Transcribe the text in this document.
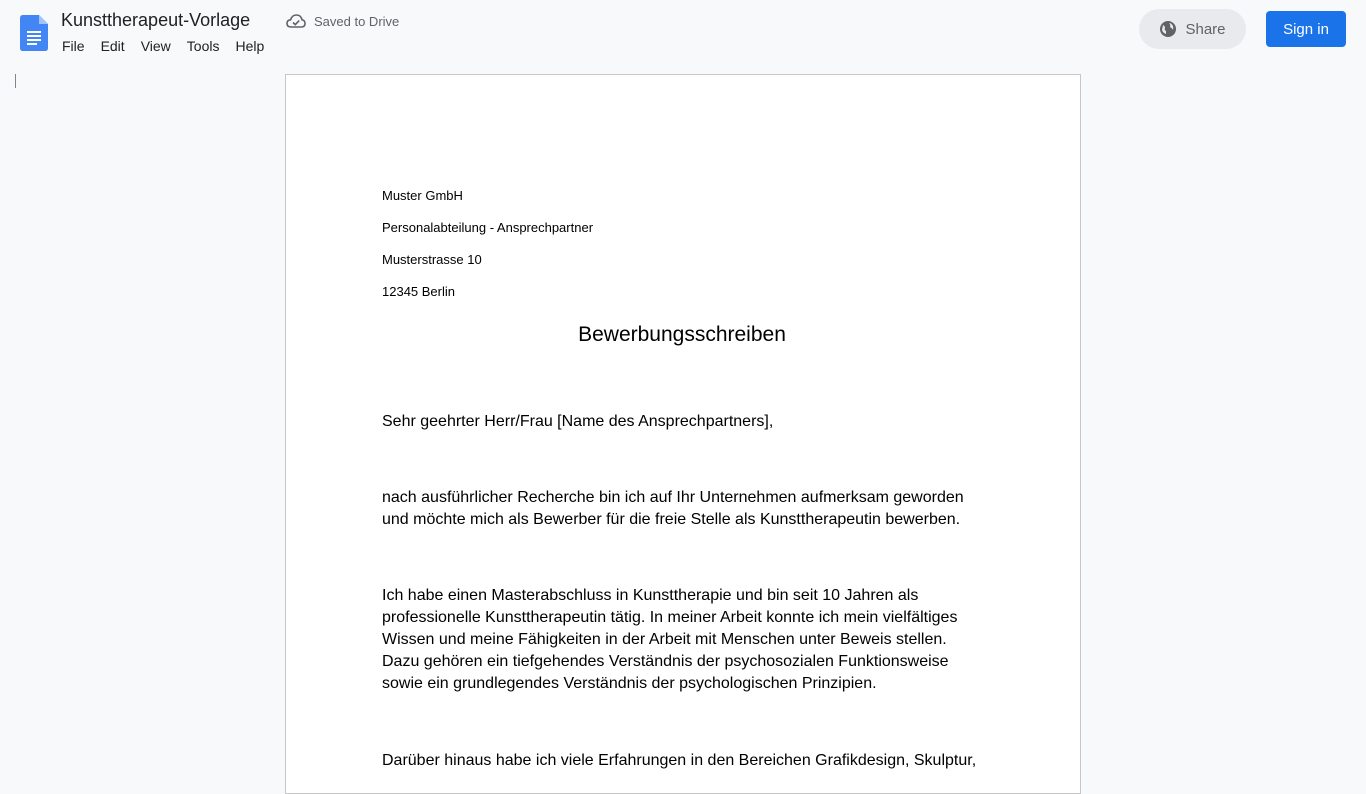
Kunsttherapeut-Vorlage	Saved to Drive
File	Edit	View	Tools	Help
Share	Sign in
Muster GmbH
Personalabteilung - Ansprechpartner
Musterstrasse 10
12345 Berlin
Bewerbungsschreiben

Sehr geehrter Herr/Frau [Name des Ansprechpartners],

nach ausführlicher Recherche bin ich auf Ihr Unternehmen aufmerksam geworden und möchte mich als Bewerber für die freie Stelle als Kunsttherapeutin bewerben.

Ich habe einen Masterabschluss in Kunsttherapie und bin seit 10 Jahren als professionelle Kunsttherapeutin tätig. In meiner Arbeit konnte ich mein vielfältiges Wissen und meine Fähigkeiten in der Arbeit mit Menschen unter Beweis stellen. Dazu gehören ein tiefgehendes Verständnis der psychosozialen Funktionsweise sowie ein grundlegendes Verständnis der psychologischen Prinzipien.

Darüber hinaus habe ich viele Erfahrungen in den Bereichen Grafikdesign, Skulptur,
